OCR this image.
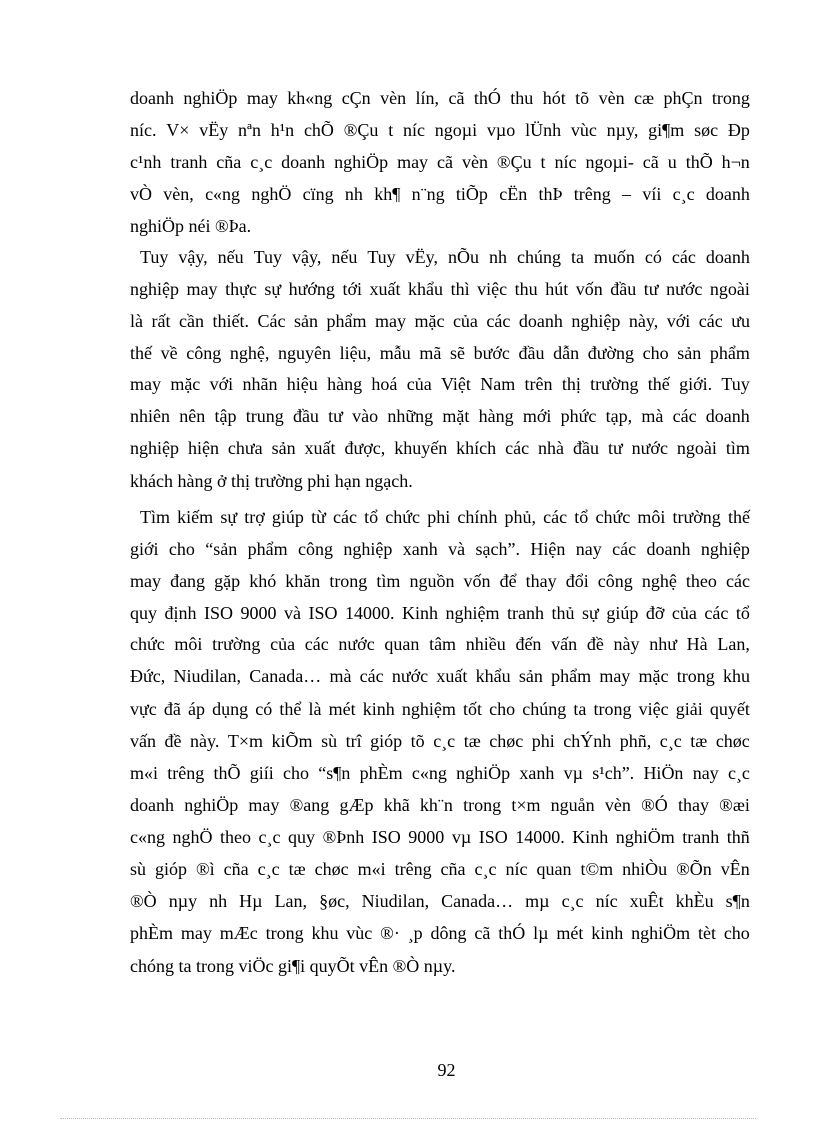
doanh nghiÖp may kh«ng cÇn vèn lín, cã thÓ thu hót tõ vèn cæ phÇn trong
níc. V× vËy nªn h¹n chÕ ®Çu t níc ngoµi vµo lÜnh vùc nµy, gi¶m søc Ðp
c¹nh tranh cña c¸c doanh nghiÖp may cã vèn ®Çu t níc ngoµi- cã u thÕ h¬n
vÒ vèn, c«ng nghÖ cïng nh kh¶ n¨ng tiÕp cËn thÞ trêng – víi c¸c doanh
nghiÖp néi ®Þa.
Tuy vậy, nếu Tuy vậy, nếu Tuy vËy, nÕu nh chúng ta muốn có các doanh
nghiệp may thực sự hướng tới xuất khẩu thì việc thu hút vốn đầu tư nước ngoài
là rất cần thiết. Các sản phẩm may mặc của các doanh nghiệp này, với các ưu
thế về công nghệ, nguyên liệu, mẫu mã sẽ bước đầu dẫn đường cho sản phẩm
may mặc với nhãn hiệu hàng hoá của Việt Nam trên thị trường thế giới. Tuy
nhiên nên tập trung đầu tư vào những mặt hàng mới phức tạp, mà các doanh
nghiệp hiện chưa sản xuất được, khuyến khích các nhà đầu tư nước ngoài tìm
khách hàng ở thị trường phi hạn ngạch.
Tìm kiếm sự trợ giúp từ các tổ chức phi chính phủ, các tổ chức môi trường thế
giới cho “sản phẩm công nghiệp xanh và sạch”. Hiện nay các doanh nghiệp
may đang gặp khó khăn trong tìm nguồn vốn để thay đổi công nghệ theo các
quy định ISO 9000 và ISO 14000. Kinh nghiệm tranh thủ sự giúp đỡ của các tổ
chức môi trường của các nước quan tâm nhiều đến vấn đề này như Hà Lan,
Đức, Niudilan, Canada… mà các nước xuất khẩu sản phẩm may mặc trong khu
vực đã áp dụng có thể là mét kinh nghiệm tốt cho chúng ta trong việc giải quyết
vấn đề này. T×m kiÕm sù trî gióp tõ c¸c tæ chøc phi chÝnh phñ, c¸c tæ chøc
m«i trêng thÕ giíi cho “s¶n phÈm c«ng nghiÖp xanh vµ s¹ch”. HiÖn nay c¸c
doanh nghiÖp may ®ang gÆp khã kh¨n trong t×m nguån vèn ®Ó thay ®æi
c«ng nghÖ theo c¸c quy ®Þnh ISO 9000 vµ ISO 14000. Kinh nghiÖm tranh thñ
sù gióp ®ì cña c¸c tæ chøc m«i trêng cña c¸c níc quan t©m nhiÒu ®Õn vÊn
®Ò nµy nh Hµ Lan, §øc, Niudilan, Canada… mµ c¸c níc xuÊt khÈu s¶n
phÈm may mÆc trong khu vùc ®· ¸p dông cã thÓ lµ mét kinh nghiÖm tèt cho
chóng ta trong viÖc gi¶i quyÕt vÊn ®Ò nµy.
92
